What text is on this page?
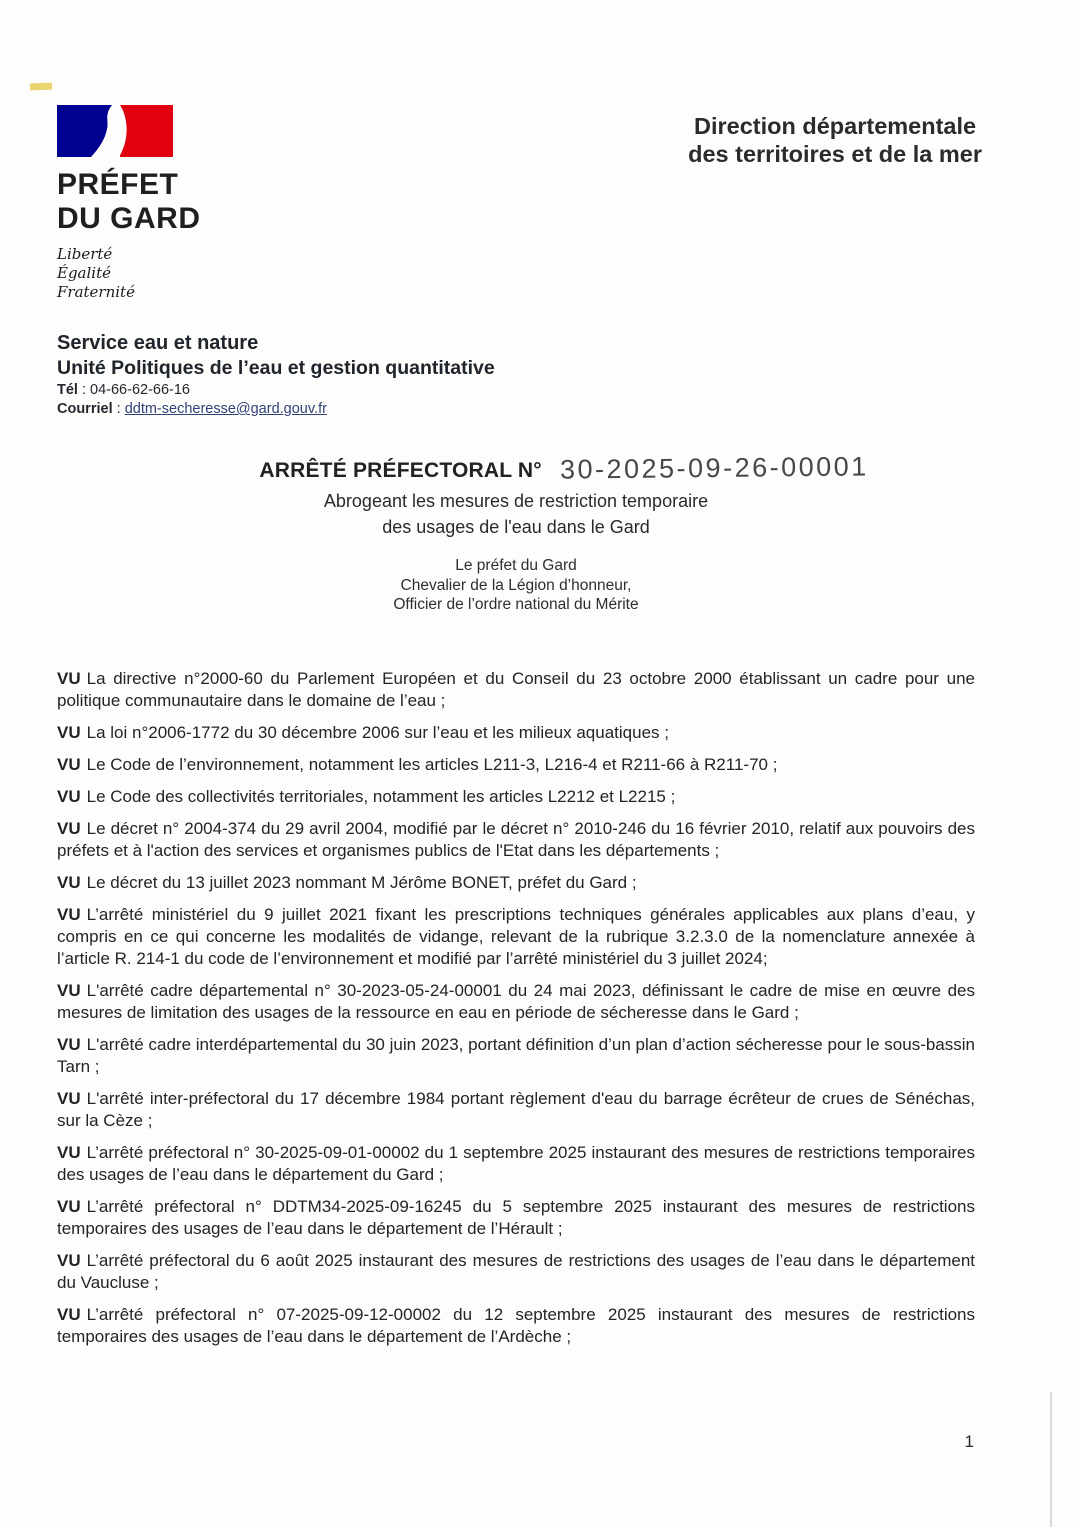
PRÉFET
DU GARD
Liberté
Égalité
Fraternité
Direction départementale
des territoires et de la mer
Service eau et nature
Unité Politiques de l’eau et gestion quantitative
Tél : 04-66-62-66-16
Courriel : ddtm-secheresse@gard.gouv.fr
ARRÊTÉ PRÉFECTORAL N° 30-2025-09-26-00001
Abrogeant les mesures de restriction temporaire
des usages de l'eau dans le Gard
Le préfet du Gard
Chevalier de la Légion d’honneur,
Officier de l’ordre national du Mérite

VU La directive n°2000-60 du Parlement Européen et du Conseil du 23 octobre 2000 établissant un cadre pour une politique communautaire dans le domaine de l’eau ;

VU La loi n°2006-1772 du 30 décembre 2006 sur l’eau et les milieux aquatiques ;

VU Le Code de l’environnement, notamment les articles L211-3, L216-4 et R211-66 à R211-70 ;

VU Le Code des collectivités territoriales, notamment les articles L2212 et L2215 ;

VU Le décret n° 2004-374 du 29 avril 2004, modifié par le décret n° 2010-246 du 16 février 2010, relatif aux pouvoirs des préfets et à l'action des services et organismes publics de l'Etat dans les départements ;

VU Le décret du 13 juillet 2023 nommant M Jérôme BONET, préfet du Gard ;

VU L’arrêté ministériel du 9 juillet 2021 fixant les prescriptions techniques générales applicables aux plans d’eau, y compris en ce qui concerne les modalités de vidange, relevant de la rubrique 3.2.3.0 de la nomenclature annexée à l’article R. 214-1 du code de l’environnement et modifié par l’arrêté ministériel du 3 juillet 2024;

VU L'arrêté cadre départemental n° 30-2023-05-24-00001 du 24 mai 2023, définissant le cadre de mise en œuvre des mesures de limitation des usages de la ressource en eau en période de sécheresse dans le Gard ;

VU L'arrêté cadre interdépartemental du 30 juin 2023, portant définition d’un plan d’action sécheresse pour le sous-bassin Tarn ;

VU L'arrêté inter-préfectoral du 17 décembre 1984 portant règlement d'eau du barrage écrêteur de crues de Sénéchas, sur la Cèze ;

VU L’arrêté préfectoral n° 30-2025-09-01-00002 du 1 septembre 2025 instaurant des mesures de restrictions temporaires des usages de l’eau dans le département du Gard ;

VU L’arrêté préfectoral n° DDTM34-2025-09-16245 du 5 septembre 2025 instaurant des mesures de restrictions temporaires des usages de l’eau dans le département de l’Hérault ;

VU L’arrêté préfectoral du 6 août 2025 instaurant des mesures de restrictions des usages de l’eau dans le département du Vaucluse ;

VU L’arrêté préfectoral n° 07-2025-09-12-00002 du 12 septembre 2025 instaurant des mesures de restrictions temporaires des usages de l’eau dans le département de l’Ardèche ;

1
